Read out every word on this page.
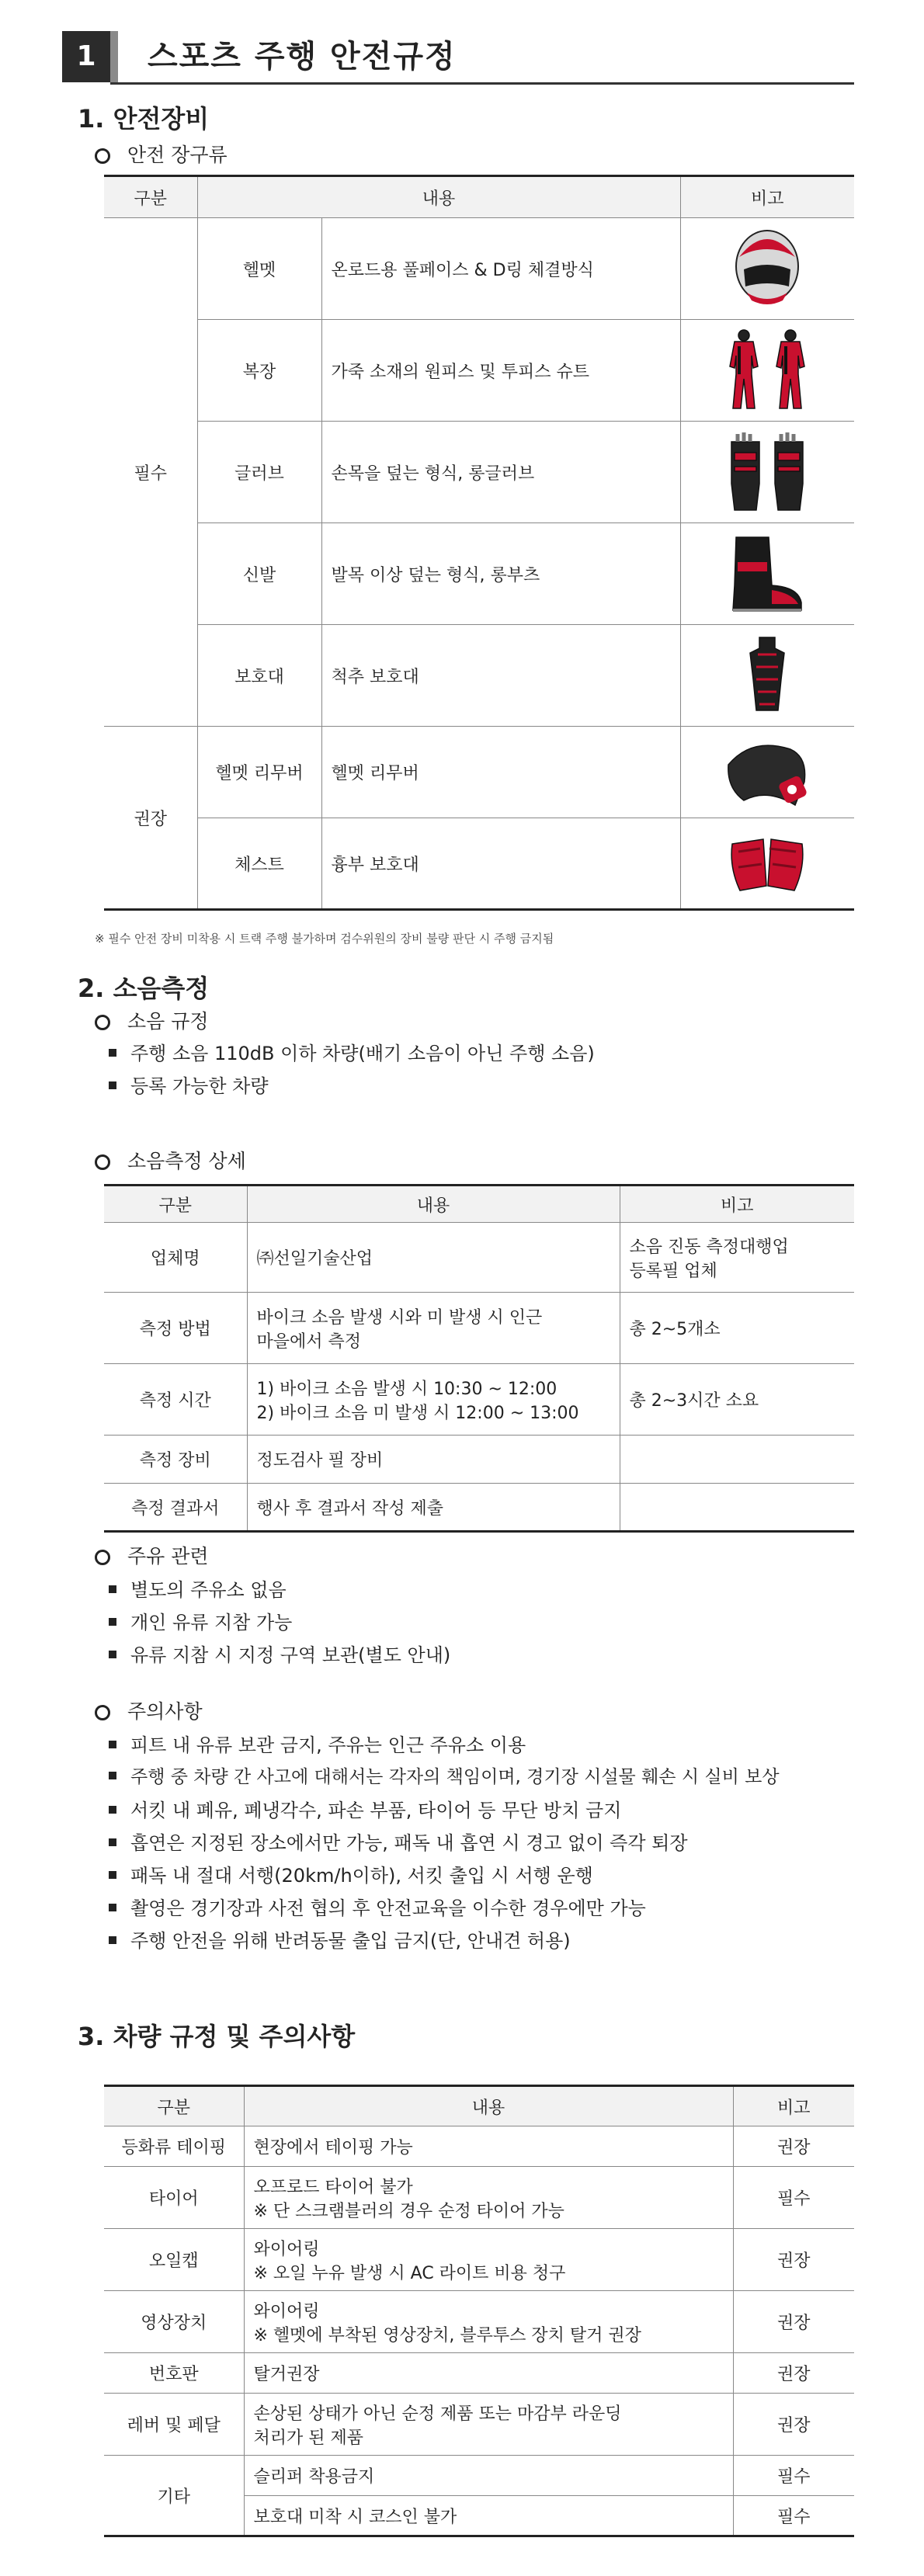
1	스포츠 주행 안전규정
1. 안전장비
안전 장구류
구분	내용		비고
필수	헬멧	온로드용 풀페이스 & D링 체결방식	

	복장	가죽 소재의 원피스 및 투피스 슈트	

	글러브	손목을 덮는 형식, 롱글러브	

	신발	발목 이상 덮는 형식, 롱부츠	

	보호대	척추 보호대	

권장	헬멧 리무버	헬멧 리무버	

	체스트	흉부 보호대	
※ 필수 안전 장비 미착용 시 트랙 주행 불가하며 검수위원의 장비 불량 판단 시 주행 금지됨
2. 소음측정
소음 규정
주행 소음 110dB 이하 차량(배기 소음이 아닌 주행 소음)
등록 가능한 차량
소음측정 상세
구분	내용	비고
업체명	㈜선일기술산업	소음 진동 측정대행업
등록필 업체
측정 방법	바이크 소음 발생 시와 미 발생 시 인근
마을에서 측정	총 2~5개소
측정 시간	1) 바이크 소음 발생 시 10:30 ~ 12:00
2) 바이크 소음 미 발생 시 12:00 ~ 13:00	총 2~3시간 소요
측정 장비	정도검사 필 장비	
측정 결과서	행사 후 결과서 작성 제출	
주유 관련
별도의 주유소 없음
개인 유류 지참 가능
유류 지참 시 지정 구역 보관(별도 안내)
주의사항
피트 내 유류 보관 금지, 주유는 인근 주유소 이용
주행 중 차량 간 사고에 대해서는 각자의 책임이며, 경기장 시설물 훼손 시 실비 보상
서킷 내 폐유, 폐냉각수, 파손 부품, 타이어 등 무단 방치 금지
흡연은 지정된 장소에서만 가능, 패독 내 흡연 시 경고 없이 즉각 퇴장
패독 내 절대 서행(20km/h이하), 서킷 출입 시 서행 운행
촬영은 경기장과 사전 협의 후 안전교육을 이수한 경우에만 가능
주행 안전을 위해 반려동물 출입 금지(단, 안내견 허용)
3. 차량 규정 및 주의사항
구분	내용	비고
등화류 테이핑	현장에서 테이핑 가능	권장
타이어	오프로드 타이어 불가
※ 단 스크램블러의 경우 순정 타이어 가능	필수
오일캡	와이어링
※ 오일 누유 발생 시 AC 라이트 비용 청구	권장
영상장치	와이어링
※ 헬멧에 부착된 영상장치, 블루투스 장치 탈거 권장	권장
번호판	탈거권장	권장
레버 및 페달	손상된 상태가 아닌 순정 제품 또는 마감부 라운딩
처리가 된 제품	권장
기타	슬리퍼 착용금지	필수
	보호대 미착 시 코스인 불가	필수
